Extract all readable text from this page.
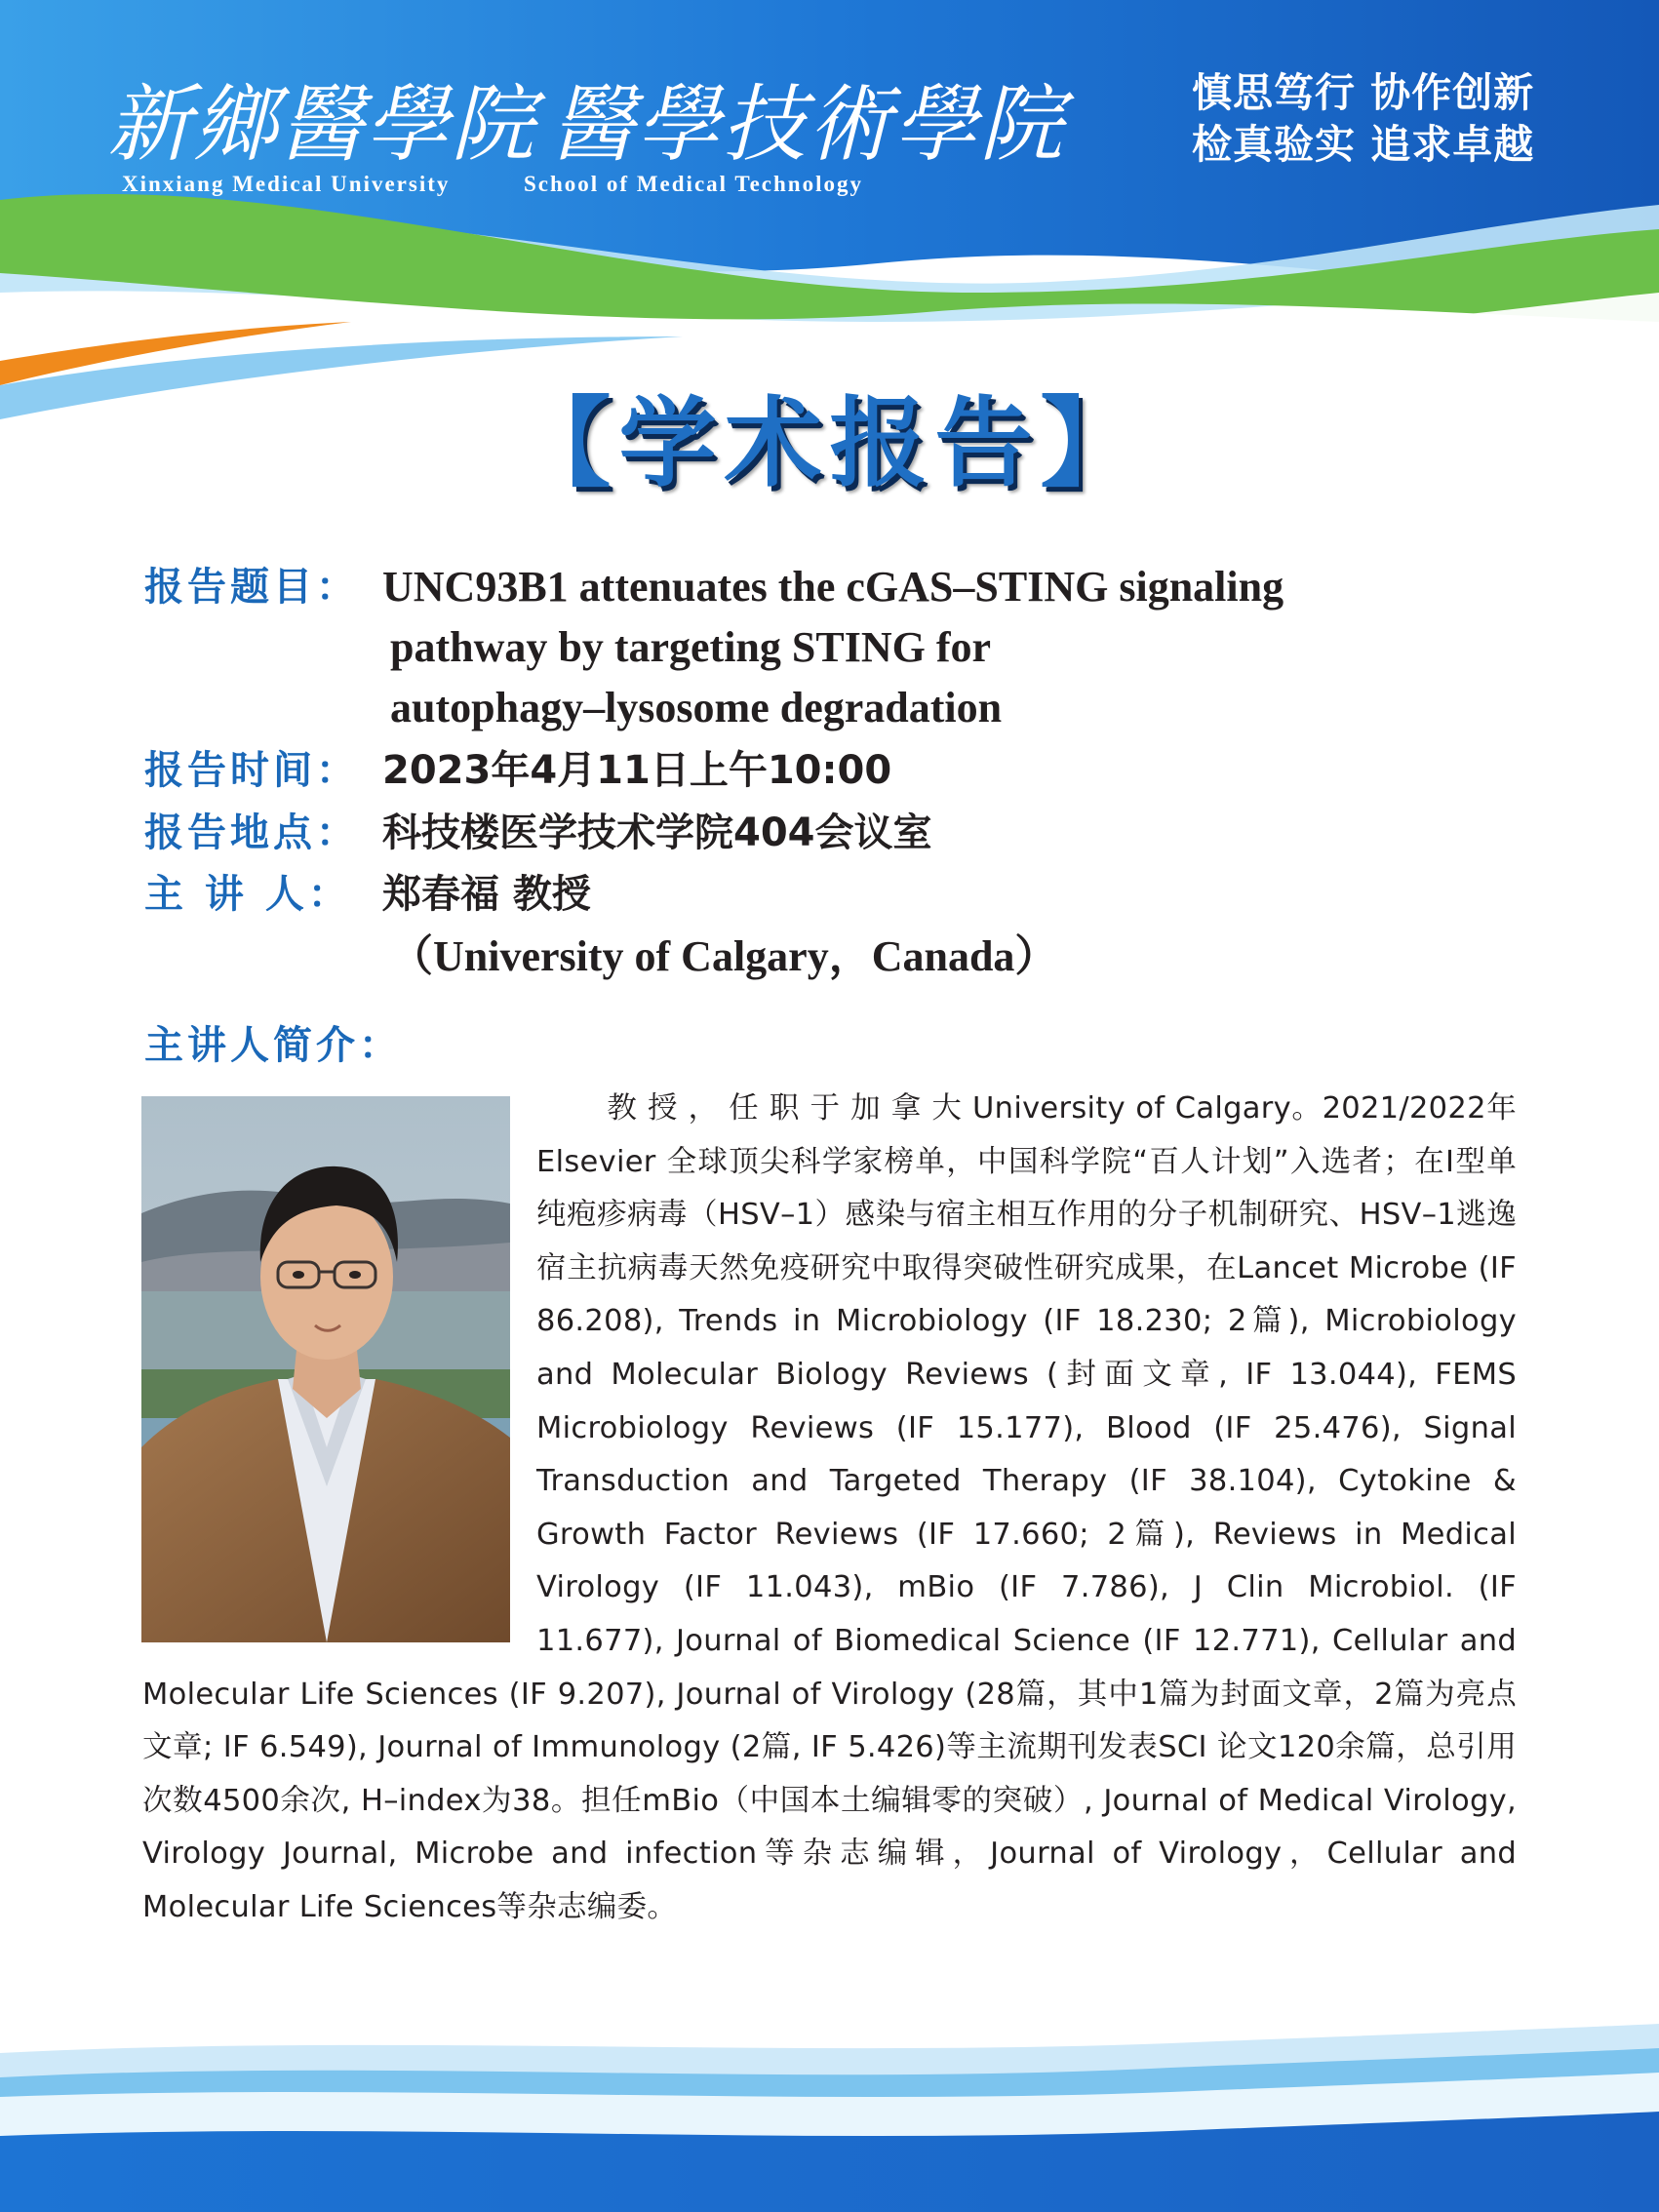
新鄉醫學院 醫學技術學院
Xinxiang Medical University	School of Medical Technology
慎思笃行 协作创新
检真验实 追求卓越
【学术报告】
报告题目： UNC93B1 attenuates the cGAS–STING signaling
pathway by targeting STING for
autophagy–lysosome degradation
报告时间： 2023年4月11日上午10:00
报告地点： 科技楼医学技术学院404会议室
主 讲 人： 郑春福 教授
（University of Calgary，Canada）
主讲人简介：
教 授 ， 任 职 于 加 拿 大 University of Calgary。2021/2022年 Elsevier 全球顶尖科学家榜单，中国科学院“百人计划”入选者；在I型单纯疱疹病毒（HSV–1）感染与宿主相互作用的分子机制研究、HSV–1逃逸宿主抗病毒天然免疫研究中取得突破性研究成果，在Lancet Microbe (IF 86.208), Trends in Microbiology (IF 18.230; 2篇), Microbiology and Molecular Biology Reviews (封面文章, IF 13.044), FEMS Microbiology Reviews (IF 15.177), Blood (IF 25.476), Signal Transduction and Targeted Therapy (IF 38.104), Cytokine & Growth Factor Reviews (IF 17.660; 2篇), Reviews in Medical Virology (IF 11.043), mBio (IF 7.786), J Clin Microbiol. (IF 11.677), Journal of Biomedical Science (IF 12.771), Cellular and Molecular Life Sciences (IF 9.207), Journal of Virology (28篇，其中1篇为封面文章，2篇为亮点文章; IF 6.549), Journal of Immunology (2篇, IF 5.426)等主流期刊发表SCI 论文120余篇，总引用次数4500余次, H–index为38。担任mBio（中国本土编辑零的突破）, Journal of Medical Virology, Virology Journal, Microbe and infection等杂志编辑，Journal of Virology，Cellular and Molecular Life Sciences等杂志编委。
